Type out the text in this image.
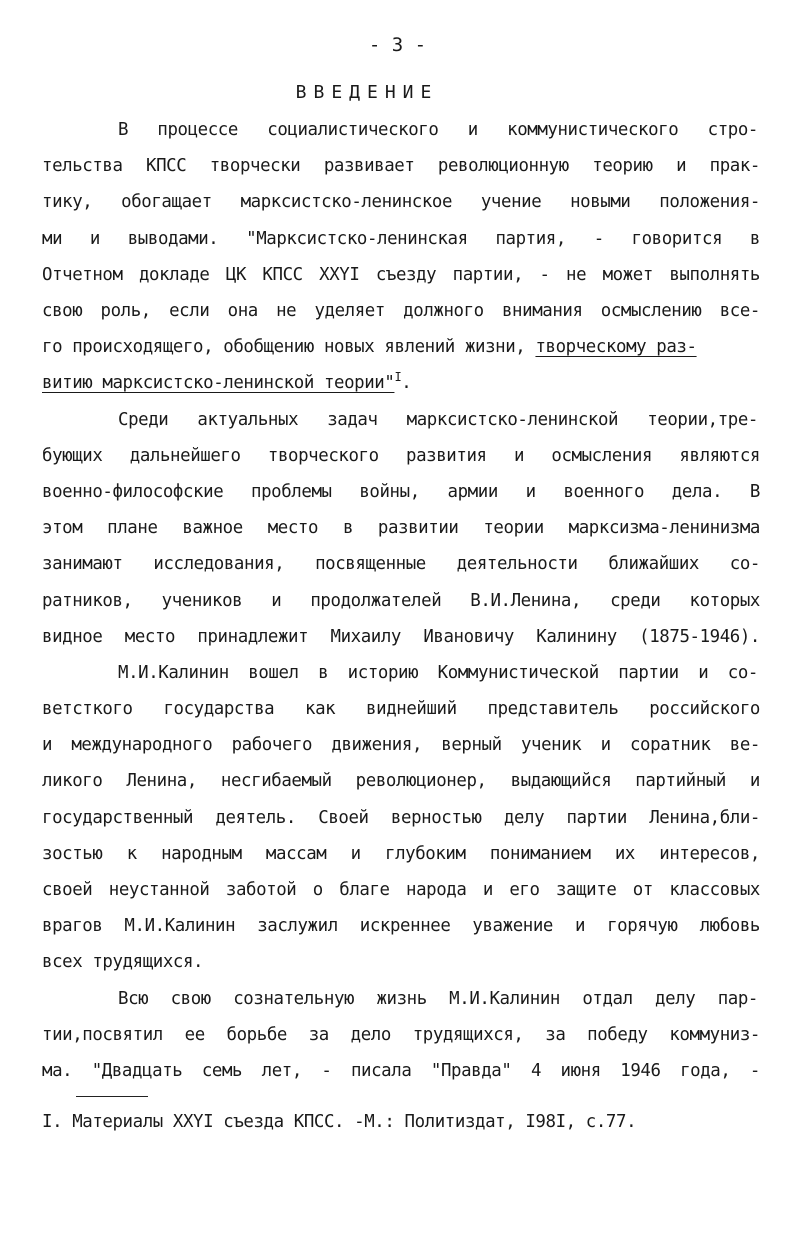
- 3 -
ВВЕДЕНИЕ
В процессе социалистического и коммунистического стро-
тельства КПСС творчески развивает революционную теорию и прак-
тику, обогащает марксистско-ленинское учение новыми положения-
ми и выводами. "Марксистско-ленинская партия, - говорится в
Отчетном докладе ЦК КПСС XXYI съезду партии, - не может выполнять
свою роль, если она не уделяет должного внимания осмыслению все-
го происходящего, обобщению новых явлений жизни, творческому раз-
витию марксистско-ленинской теории"$^I$.
Среди актуальных задач марксистско-ленинской теории,тре-
бующих дальнейшего творческого развития и осмысления являются
военно-философские проблемы войны, армии и военного дела. В
этом плане важное место в развитии теории марксизма-ленинизма
занимают исследования, посвященные деятельности ближайших со-
ратников, учеников и продолжателей В.И.Ленина, среди которых
видное место принадлежит Михаилу Ивановичу Калинину (1875-1946).
М.И.Калинин вошел в историю Коммунистической партии и со-
ветсткого государства как виднейший представитель российского
и международного рабочего движения, верный ученик и соратник ве-
ликого Ленина, несгибаемый революционер, выдающийся партийный и
государственный деятель. Своей верностью делу партии Ленина,бли-
зостью к народным массам и глубоким пониманием их интересов,
своей неустанной заботой о благе народа и его защите от классовых
врагов М.И.Калинин заслужил искреннее уважение и горячую любовь
всех трудящихся.
Всю свою сознательную жизнь М.И.Калинин отдал делу пар-
тии,посвятил ее борьбе за дело трудящихся, за победу коммуниз-
ма. "Двадцать семь лет, - писала "Правда" 4 июня 1946 года, -
I. Материалы XXYI съезда КПСС. -М.: Политиздат, I98I, с.77.
